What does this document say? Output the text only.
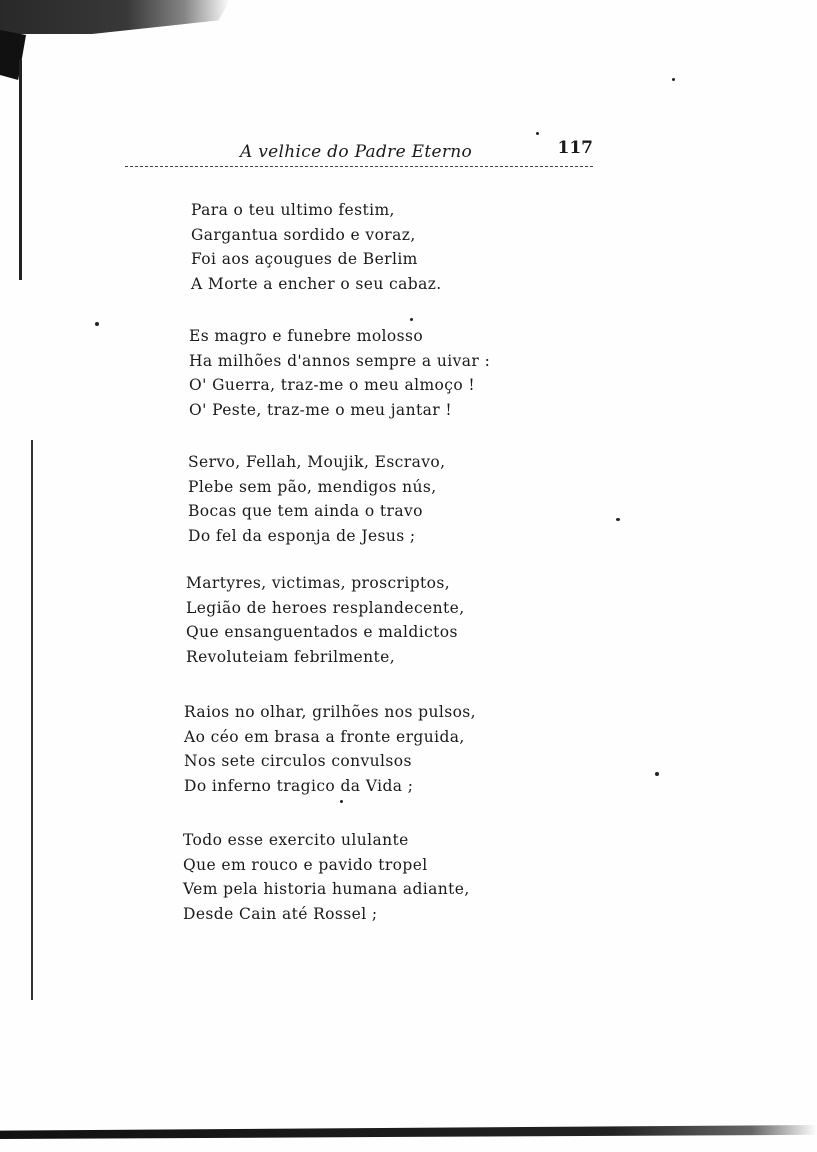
A velhice do Padre Eterno	117
Para o teu ultimo festim,
Gargantua sordido e voraz,
Foi aos açougues de Berlim
A Morte a encher o seu cabaz.
Es magro e funebre molosso
Ha milhões d'annos sempre a uivar :
O' Guerra, traz-me o meu almoço !
O' Peste, traz-me o meu jantar !
Servo, Fellah, Moujik, Escravo,
Plebe sem pão, mendigos nús,
Bocas que tem ainda o travo
Do fel da esponja de Jesus ;
Martyres, victimas, proscriptos,
Legião de heroes resplandecente,
Que ensanguentados e maldictos
Revoluteiam febrilmente,
Raios no olhar, grilhões nos pulsos,
Ao céo em brasa a fronte erguida,
Nos sete circulos convulsos
Do inferno tragico da Vida ;
Todo esse exercito ululante
Que em rouco e pavido tropel
Vem pela historia humana adiante,
Desde Cain até Rossel ;
